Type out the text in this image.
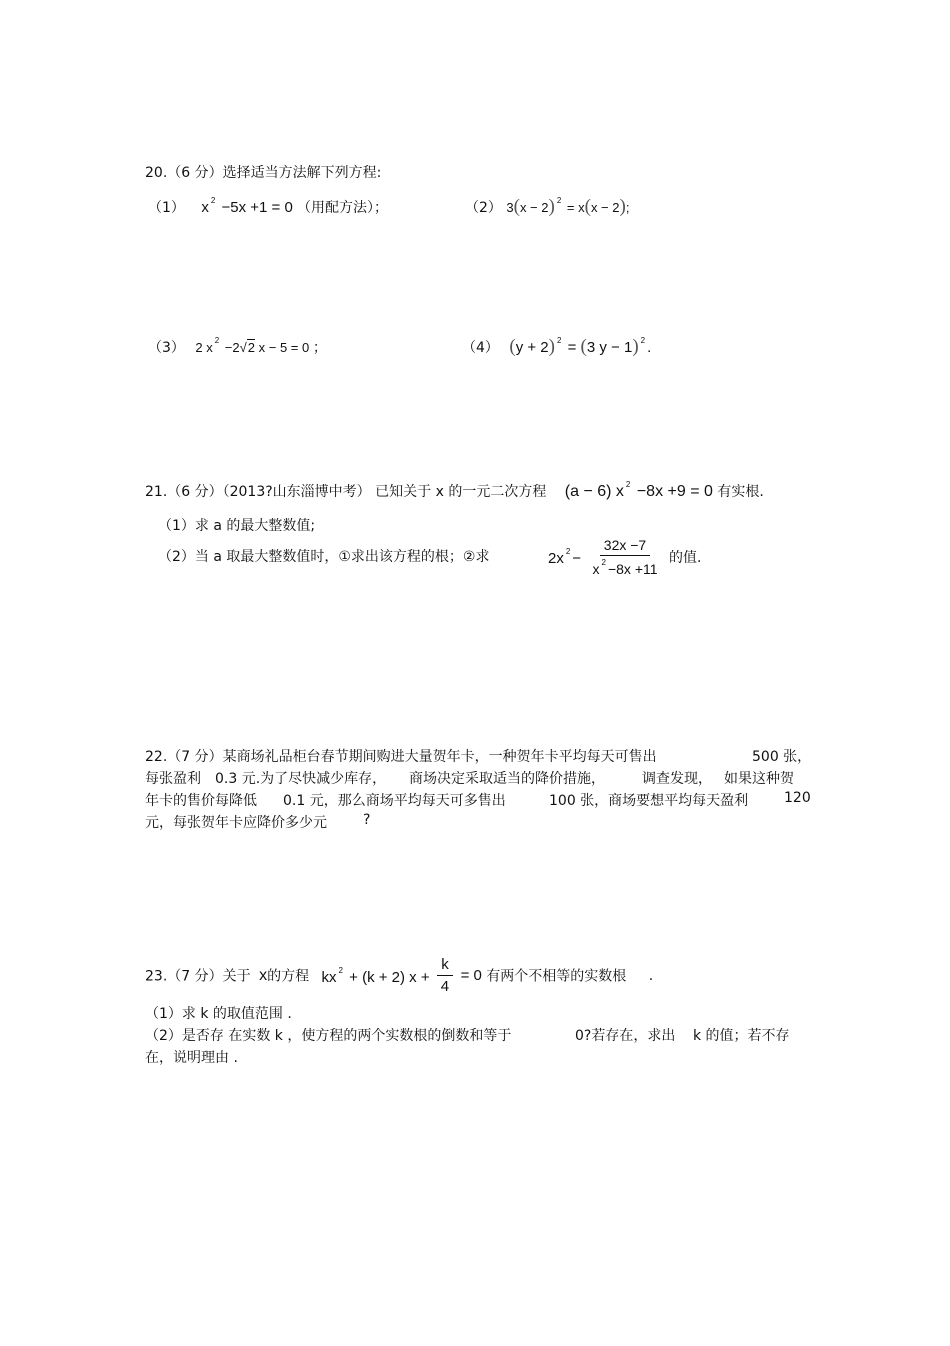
20.（6 分）选择适当方法解下列方程:
（1） x $^2$ −5x +1 = 0 （用配方法）；	（2） 3(x − 2) $^2$ = x(x − 2);
（3） 2 x $^2$ −2√2 x − 5 = 0 ；	（4） (y + 2) $^2$ = (3 y − 1) $^2$ .
21.（6 分）（2013?山东淄博中考） 已知关于 x 的一元二次方程 (a − 6) x $^2$ −8x +9 = 0 有实根.
（1）求 a 的最大整数值;
（2）当 a 取最大整数值时，①求出该方程的根；②求	2x $^2 - \frac{32x -7}{x ^2 -8x +11}$ 的值.
22.（7 分）某商场礼品柜台春节期间购进大量贺年卡，一种贺年卡平均每天可售出	500 张，
每张盈利 0.3 元.为了尽快减少库存， 商场决定采取适当的降价措施，	调查发现， 如果这种贺
年卡的售价每降低 0.1 元，那么商场平均每天可多售出	100 张，商场要想平均每天盈利	120
元，每张贺年卡应降价多少元	?
23.（7 分）关于 x的方程 kx $^2$ + (k + 2) $x + \frac{k}{4} = 0$ 有两个不相等的实数根 .
（1）求 k 的取值范围 .
（2）是否存 在实数 k ，使方程的两个实数根的倒数和等于	0?若存在，求出 k 的值；若不存
在，说明理由 .
